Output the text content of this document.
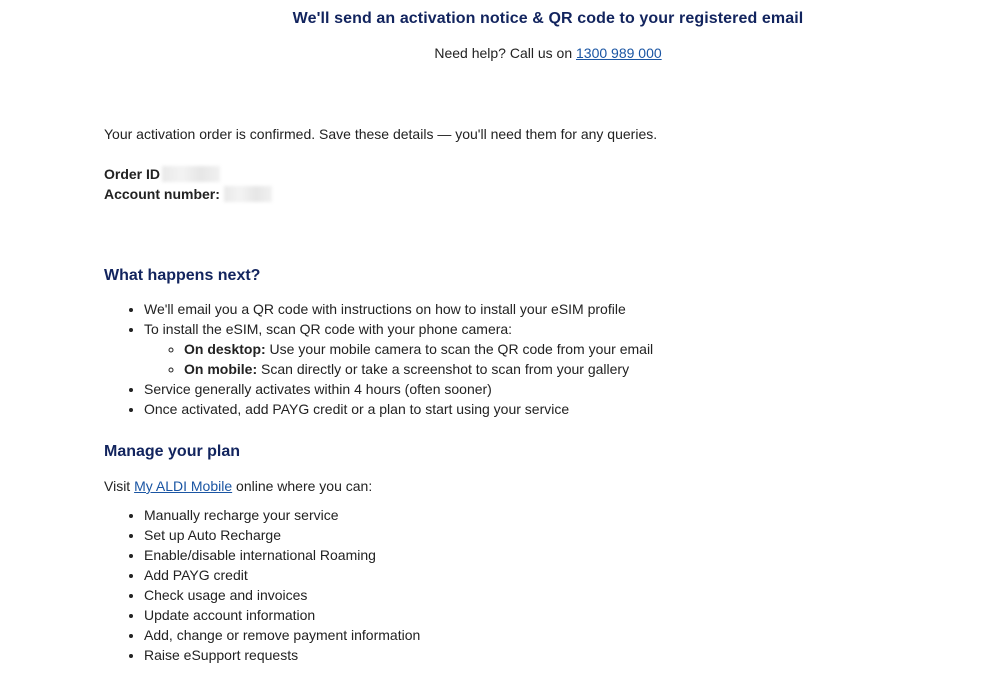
We'll send an activation notice & QR code to your registered email
Need help? Call us on 1300 989 000

Your activation order is confirmed. Save these details — you'll need them for any queries.

Order ID
Account number:
What happens next?
• We'll email you a QR code with instructions on how to install your eSIM profile
• To install the eSIM, scan QR code with your phone camera:
◦ On desktop: Use your mobile camera to scan the QR code from your email
◦ On mobile: Scan directly or take a screenshot to scan from your gallery
• Service generally activates within 4 hours (often sooner)
• Once activated, add PAYG credit or a plan to start using your service
Manage your plan
Visit My ALDI Mobile online where you can:
• Manually recharge your service
• Set up Auto Recharge
• Enable/disable international Roaming
• Add PAYG credit
• Check usage and invoices
• Update account information
• Add, change or remove payment information
• Raise eSupport requests
